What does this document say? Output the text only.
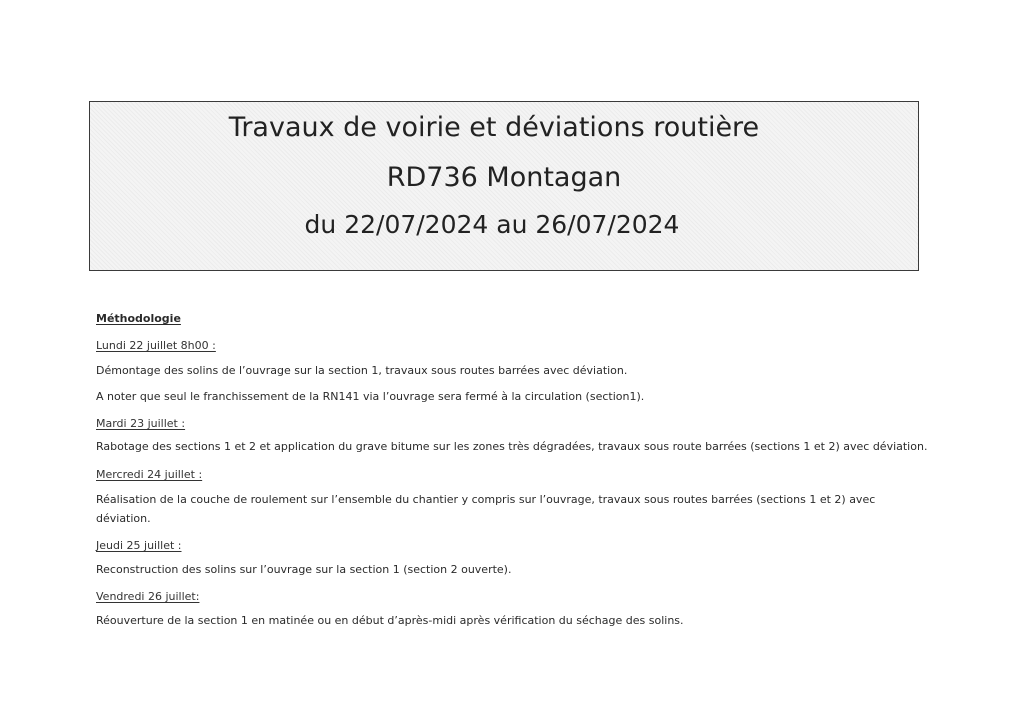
Travaux de voirie et déviations routière
RD736 Montagan
du 22/07/2024 au 26/07/2024
Méthodologie
Lundi 22 juillet 8h00 :
Démontage des solins de l’ouvrage sur la section 1, travaux sous routes barrées avec déviation.
A noter que seul le franchissement de la RN141 via l’ouvrage sera fermé à la circulation (section1).
Mardi 23 juillet :
Rabotage des sections 1 et 2 et application du grave bitume sur les zones très dégradées, travaux sous route barrées (sections 1 et 2) avec déviation.
Mercredi 24 juillet :
Réalisation de la couche de roulement sur l’ensemble du chantier y compris sur l’ouvrage, travaux sous routes barrées (sections 1 et 2) avec déviation.
Jeudi 25 juillet :
Reconstruction des solins sur l’ouvrage sur la section 1 (section 2 ouverte).
Vendredi 26 juillet:
Réouverture de la section 1 en matinée ou en début d’après-midi après vérification du séchage des solins.
